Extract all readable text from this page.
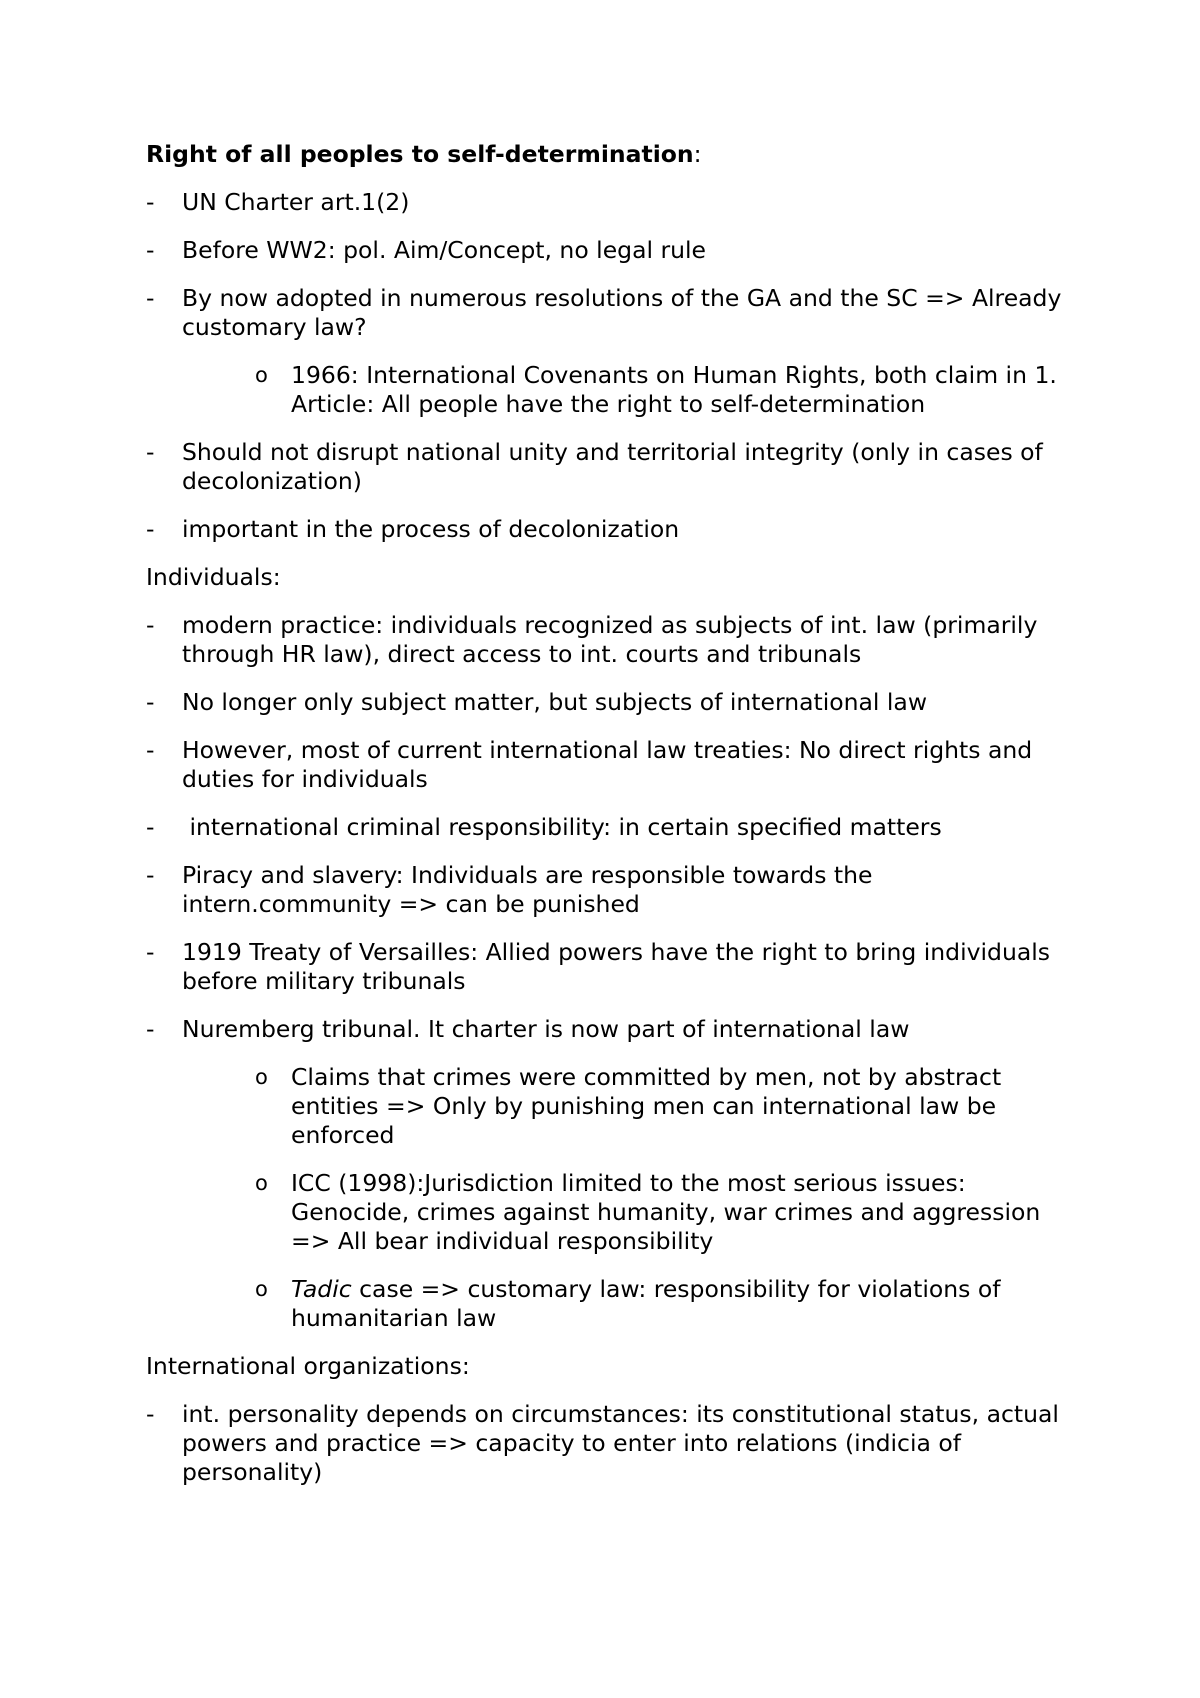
Right of all peoples to self-determination:
- UN Charter art.1(2)
- Before WW2: pol. Aim/Concept, no legal rule
- By now adopted in numerous resolutions of the GA and the SC => Already customary law?
o 1966: International Covenants on Human Rights, both claim in 1. Article: All people have the right to self-determination
- Should not disrupt national unity and territorial integrity (only in cases of decolonization)
- important in the process of decolonization
Individuals:
- modern practice: individuals recognized as subjects of int. law (primarily through HR law), direct access to int. courts and tribunals
- No longer only subject matter, but subjects of international law
- However, most of current international law treaties: No direct rights and duties for individuals
- international criminal responsibility: in certain specified matters
- Piracy and slavery: Individuals are responsible towards the intern.community => can be punished
- 1919 Treaty of Versailles: Allied powers have the right to bring individuals before military tribunals
- Nuremberg tribunal. It charter is now part of international law
o Claims that crimes were committed by men, not by abstract entities => Only by punishing men can international law be enforced
o ICC (1998):Jurisdiction limited to the most serious issues: Genocide, crimes against humanity, war crimes and aggression => All bear individual responsibility
o Tadic case => customary law: responsibility for violations of humanitarian law
International organizations:
- int. personality depends on circumstances: its constitutional status, actual powers and practice => capacity to enter into relations (indicia of personality)
